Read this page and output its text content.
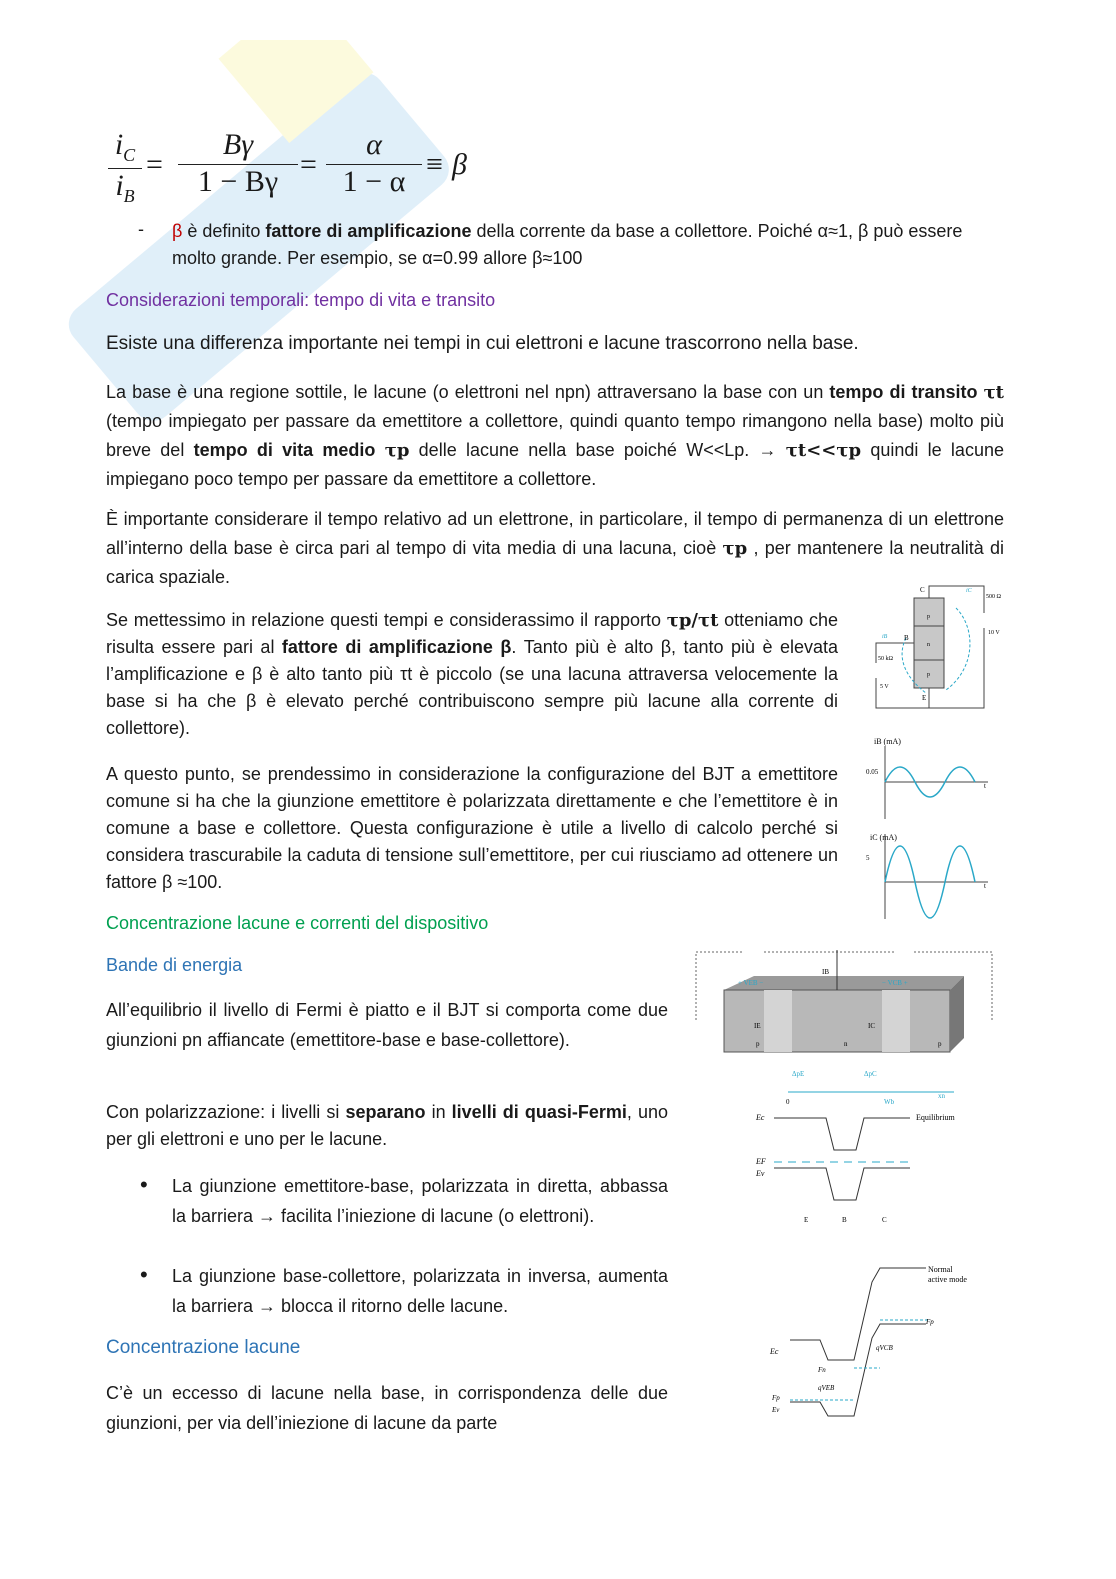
$i_C$
$i_B$
=
Bγ
1 − Bγ
=
α
1 − α
≡ β
- β è definito fattore di amplificazione della corrente da base a collettore. Poiché α≈1, β può essere molto grande. Per esempio, se α=0.99 allore β≈100
Considerazioni temporali: tempo di vita e transito
Esiste una differenza importante nei tempi in cui elettroni e lacune trascorrono nella base.
La base è una regione sottile, le lacune (o elettroni nel npn) attraversano la base con un tempo di transito τt (tempo impiegato per passare da emettitore a collettore, quindi quanto tempo rimangono nella base) molto più breve del tempo di vita medio τp delle lacune nella base poiché W<<Lp. → τt<<τp quindi le lacune impiegano poco tempo per passare da emettitore a collettore.
È importante considerare il tempo relativo ad un elettrone, in particolare, il tempo di permanenza di un elettrone all’interno della base è circa pari al tempo di vita media di una lacuna, cioè τp , per mantenere la neutralità di carica spaziale.
Se mettessimo in relazione questi tempi e considerassimo il rapporto τp/τt otteniamo che risulta essere pari al fattore di amplificazione β. Tanto più è alto β, tanto più è elevata l’amplificazione e β è alto tanto più τt è piccolo (se una lacuna attraversa velocemente la base si ha che β è elevato perché contribuiscono sempre più lacune alla corrente di collettore).
A questo punto, se prendessimo in considerazione la configurazione del BJT a emettitore comune si ha che la giunzione emettitore è polarizzata direttamente e che l’emettitore è in comune a base e collettore. Questa configurazione è utile a livello di calcolo perché si considera trascurabile la caduta di tensione sull’emettitore, per cui riusciamo ad ottenere un fattore β ≈100.
Concentrazione lacune e correnti del dispositivo
Bande di energia
All’equilibrio il livello di Fermi è piatto e il BJT si comporta come due giunzioni pn affiancate (emettitore-base e base-collettore).
Con polarizzazione: i livelli si separano in livelli di quasi-Fermi, uno per gli elettroni e uno per le lacune.
• La giunzione emettitore-base, polarizzata in diretta, abbassa la barriera → facilita l’iniezione di lacune (o elettroni).
• La giunzione base-collettore, polarizzata in inversa, aumenta la barriera → blocca il ritorno delle lacune.
Concentrazione lacune
C’è un eccesso di lacune nella base, in corrispondenza delle due giunzioni, per via dell’iniezione di lacune da parte
C
B
E
500 Ω
10 V
50 kΩ
5 V
p
n
p
iB
iC
iB (mA)
0.05
t
iC (mA)
5
t
+ VEB −	− VCB +
IB
IE	IC
p	n	p
ΔpE	ΔpC
0	Wb
xn
Ec
EF
Ev
Equilibrium
E	B	C
Normal
active mode
Fp
Ec
Fn
qVCB
qVEB
Fp
Ev
